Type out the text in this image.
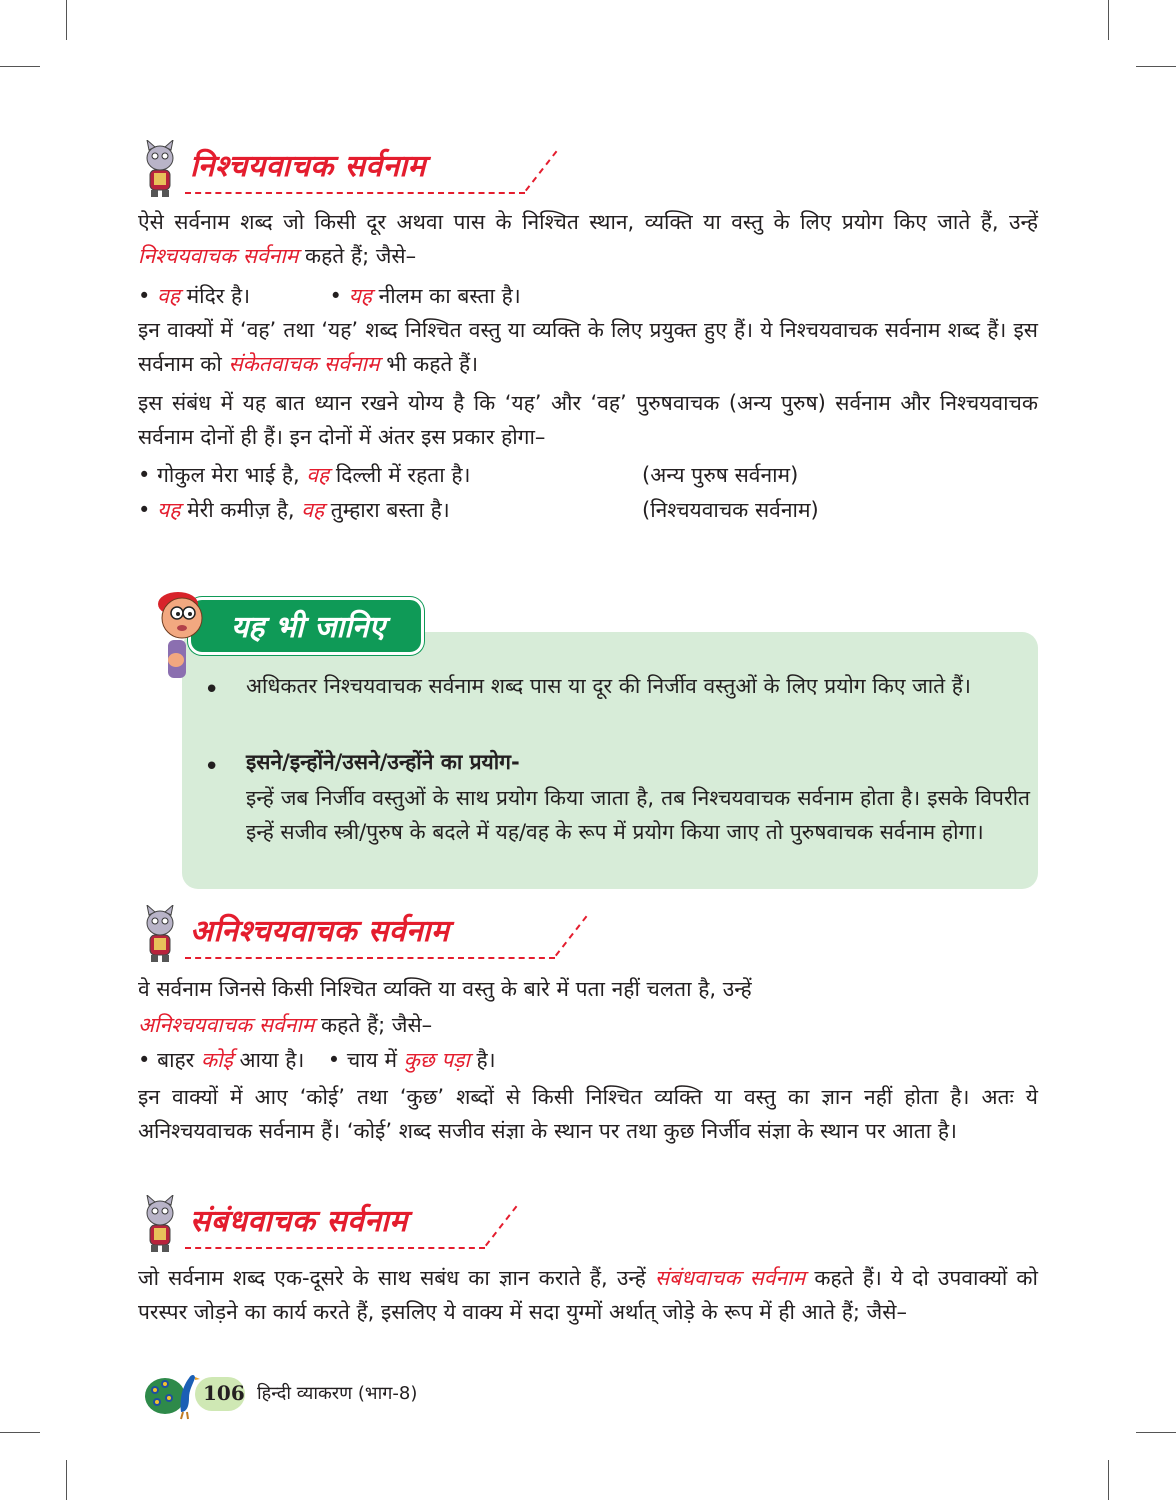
निश्चयवाचक सर्वनाम

ऐसे सर्वनाम शब्द जो किसी दूर अथवा पास के निश्चित स्थान, व्यक्ति या वस्तु के लिए प्रयोग किए जाते हैं, उन्हें निश्चयवाचक सर्वनाम कहते हैं; जैसे–

• वह मंदिर है।	• यह नीलम का बस्ता है।

इन वाक्यों में ‘वह’ तथा ‘यह’ शब्द निश्चित वस्तु या व्यक्ति के लिए प्रयुक्त हुए हैं। ये निश्चयवाचक सर्वनाम शब्द हैं। इस सर्वनाम को संकेतवाचक सर्वनाम भी कहते हैं।

इस संबंध में यह बात ध्यान रखने योग्य है कि ‘यह’ और ‘वह’ पुरुषवाचक (अन्य पुरुष) सर्वनाम और निश्चयवाचक सर्वनाम दोनों ही हैं। इन दोनों में अंतर इस प्रकार होगा–

• गोकुल मेरा भाई है, वह दिल्ली में रहता है।	(अन्य पुरुष सर्वनाम)
• यह मेरी कमीज़ है, वह तुम्हारा बस्ता है।	(निश्चयवाचक सर्वनाम)
यह भी जानिए
• अधिकतर निश्चयवाचक सर्वनाम शब्द पास या दूर की निर्जीव वस्तुओं के लिए प्रयोग किए जाते हैं।

• इसने/इन्होंने/उसने/उन्होंने का प्रयोग-

इन्हें जब निर्जीव वस्तुओं के साथ प्रयोग किया जाता है, तब निश्चयवाचक सर्वनाम होता है। इसके विपरीत इन्हें सजीव स्त्री/पुरुष के बदले में यह/वह के रूप में प्रयोग किया जाए तो पुरुषवाचक सर्वनाम होगा।

अनिश्चयवाचक सर्वनाम
वे सर्वनाम जिनसे किसी निश्चित व्यक्ति या वस्तु के बारे में पता नहीं चलता है, उन्हें
अनिश्चयवाचक सर्वनाम कहते हैं; जैसे–
• बाहर कोई आया है। • चाय में कुछ पड़ा है।

इन वाक्यों में आए ‘कोई’ तथा ‘कुछ’ शब्दों से किसी निश्चित व्यक्ति या वस्तु का ज्ञान नहीं होता है। अतः ये अनिश्चयवाचक सर्वनाम हैं। ‘कोई’ शब्द सजीव संज्ञा के स्थान पर तथा कुछ निर्जीव संज्ञा के स्थान पर आता है।

संबंधवाचक सर्वनाम

जो सर्वनाम शब्द एक-दूसरे के साथ सबंध का ज्ञान कराते हैं, उन्हें संबंधवाचक सर्वनाम कहते हैं। ये दो उपवाक्यों को परस्पर जोड़ने का कार्य करते हैं, इसलिए ये वाक्य में सदा युग्मों अर्थात् जोड़े के रूप में ही आते हैं; जैसे–

106 हिन्दी व्याकरण (भाग-8)
